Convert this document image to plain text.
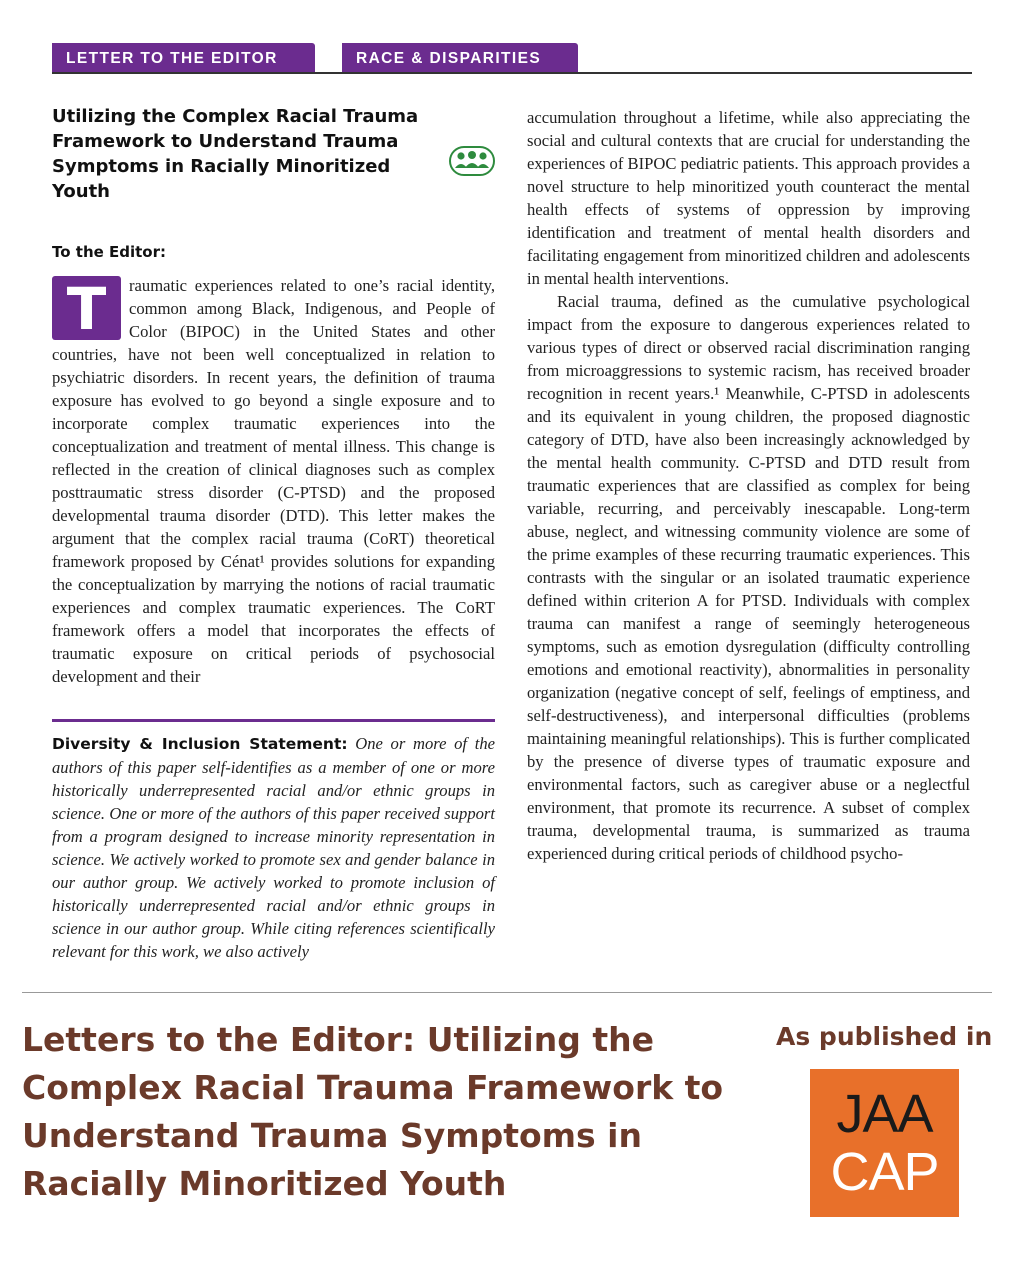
LETTER TO THE EDITOR	RACE & DISPARITIES
Utilizing the Complex Racial Trauma Framework to Understand Trauma Symptoms in Racially Minoritized Youth
To the Editor:

T	raumatic experiences related to one’s racial identity, common among Black, Indigenous, and People of Color (BIPOC) in the United States and other countries, have not been well conceptualized in relation to psychiatric disorders. In recent years, the definition of trauma exposure has evolved to go beyond a single exposure and to incorporate complex traumatic experiences into the conceptualization and treatment of mental illness. This change is reflected in the creation of clinical diagnoses such as complex posttraumatic stress disorder (C-PTSD) and the proposed developmental trauma disorder (DTD). This letter makes the argument that the complex racial trauma (CoRT) theoretical framework proposed by Cénat¹ provides solutions for expanding the conceptualization by marrying the notions of racial traumatic experiences and complex traumatic experiences. The CoRT framework offers a model that incorporates the effects of traumatic exposure on critical periods of psychosocial development and their

Diversity & Inclusion Statement: One or more of the authors of this paper self-identifies as a member of one or more historically underrepresented racial and/or ethnic groups in science. One or more of the authors of this paper received support from a program designed to increase minority representation in science. We actively worked to promote sex and gender balance in our author group. We actively worked to promote inclusion of historically underrepresented racial and/or ethnic groups in science in our author group. While citing references scientifically relevant for this work, we also actively

accumulation throughout a lifetime, while also appreciating the social and cultural contexts that are crucial for understanding the experiences of BIPOC pediatric patients. This approach provides a novel structure to help minoritized youth counteract the mental health effects of systems of oppression by improving identification and treatment of mental health disorders and facilitating engagement from minoritized children and adolescents in mental health interventions.

Racial trauma, defined as the cumulative psychological impact from the exposure to dangerous experiences related to various types of direct or observed racial discrimination ranging from microaggressions to systemic racism, has received broader recognition in recent years.¹ Meanwhile, C-PTSD in adolescents and its equivalent in young children, the proposed diagnostic category of DTD, have also been increasingly acknowledged by the mental health community. C-PTSD and DTD result from traumatic experiences that are classified as complex for being variable, recurring, and perceivably inescapable. Long-term abuse, neglect, and witnessing community violence are some of the prime examples of these recurring traumatic experiences. This contrasts with the singular or an isolated traumatic experience defined within criterion A for PTSD. Individuals with complex trauma can manifest a range of seemingly heterogeneous symptoms, such as emotion dysregulation (difficulty controlling emotions and emotional reactivity), abnormalities in personality organization (negative concept of self, feelings of emptiness, and self-destructiveness), and interpersonal difficulties (problems maintaining meaningful relationships). This is further complicated by the presence of diverse types of traumatic exposure and environmental factors, such as caregiver abuse or a neglectful environment, that promote its recurrence. A subset of complex trauma, developmental trauma, is summarized as trauma experienced during critical periods of childhood psycho-

Letters to the Editor: Utilizing the Complex Racial Trauma Framework to Understand Trauma Symptoms in Racially Minoritized Youth
As published in
JAA
CAP
